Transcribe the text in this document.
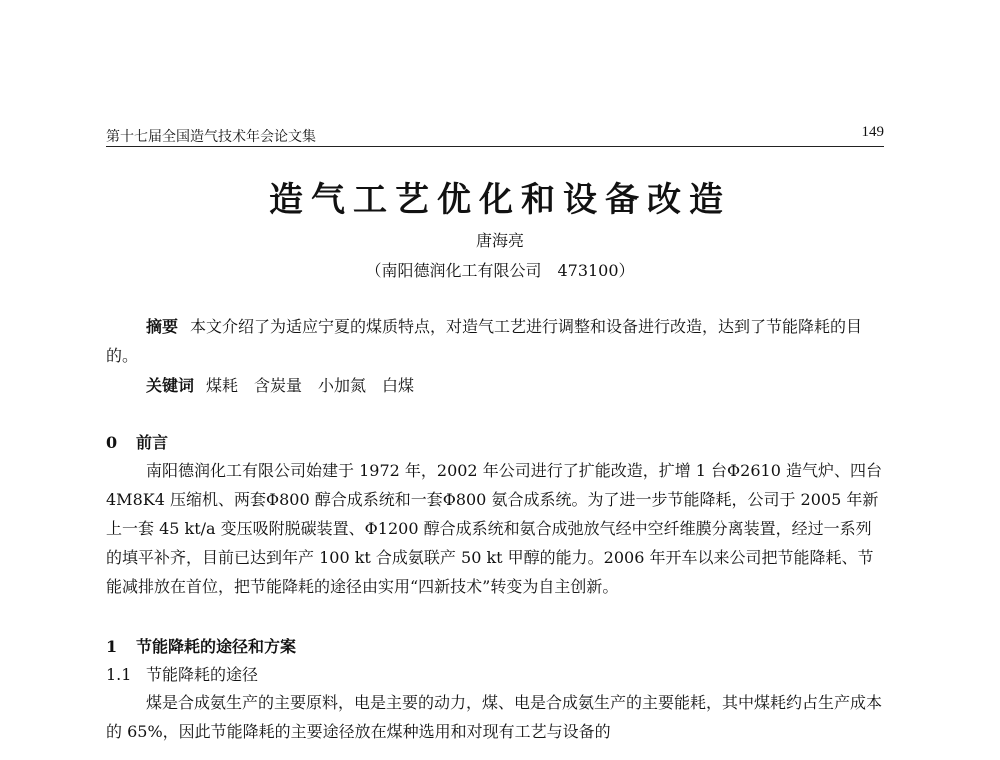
第十七届全国造气技术年会论文集	149
造气工艺优化和设备改造
唐海亮
（南阳德润化工有限公司　473100）
摘要 本文介绍了为适应宁夏的煤质特点，对造气工艺进行调整和设备进行改造，达到了节能降耗的目的。
关键词 煤耗　含炭量　小加氮　白煤
0 前言
南阳德润化工有限公司始建于 1972 年，2002 年公司进行了扩能改造，扩增 1 台Φ2610 造气炉、四台 4M8K4 压缩机、两套Φ800 醇合成系统和一套Φ800 氨合成系统。为了进一步节能降耗，公司于 2005 年新上一套 45 kt/a 变压吸附脱碳装置、Φ1200 醇合成系统和氨合成弛放气经中空纤维膜分离装置，经过一系列的填平补齐，目前已达到年产 100 kt 合成氨联产 50 kt 甲醇的能力。2006 年开车以来公司把节能降耗、节能减排放在首位，把节能降耗的途径由实用“四新技术”转变为自主创新。
1 节能降耗的途径和方案
1.1 节能降耗的途径
煤是合成氨生产的主要原料，电是主要的动力，煤、电是合成氨生产的主要能耗，其中煤耗约占生产成本的 65%，因此节能降耗的主要途径放在煤种选用和对现有工艺与设备的
